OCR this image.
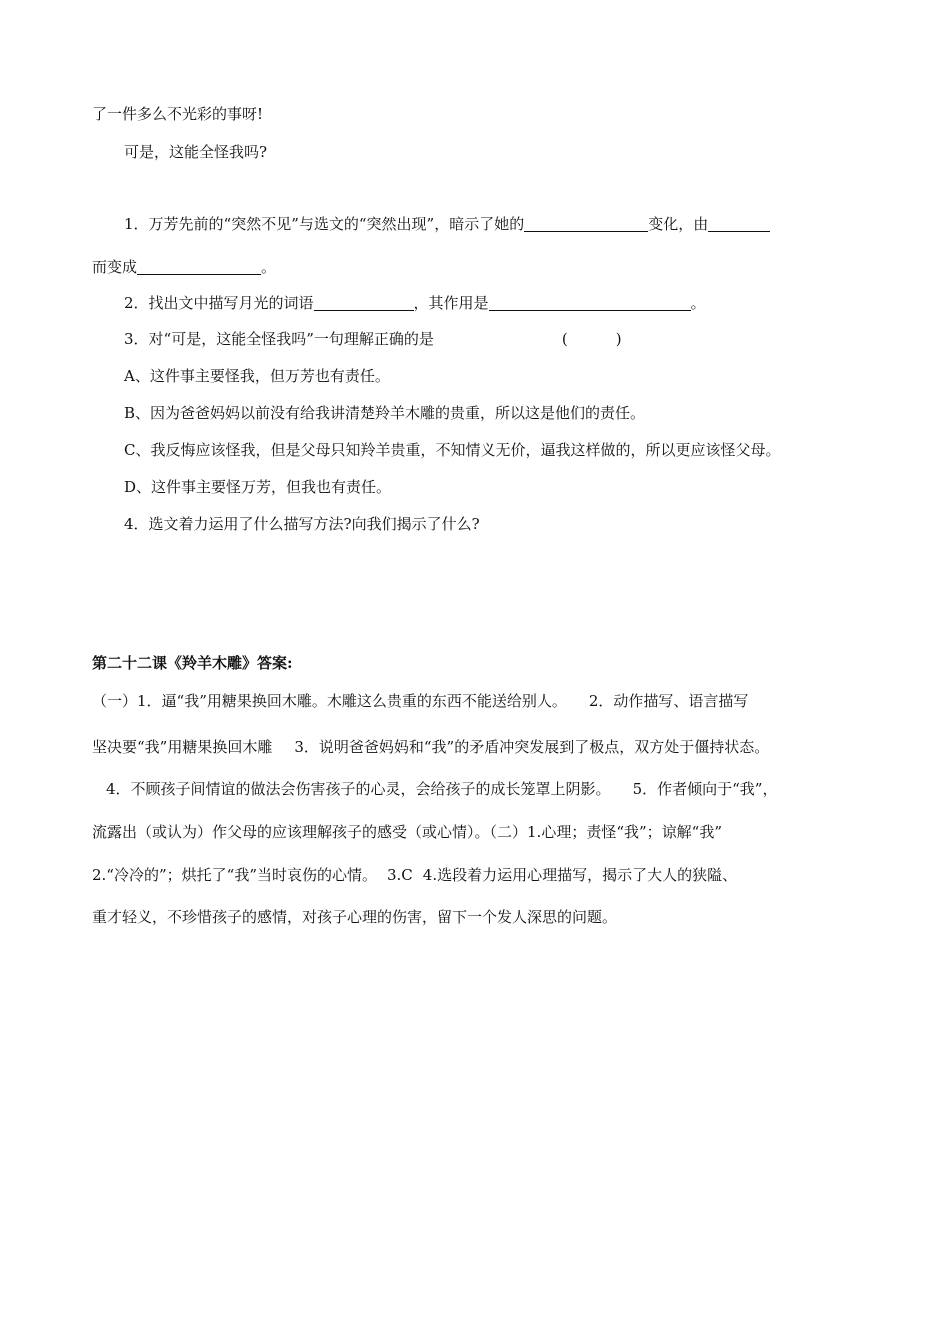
了一件多么不光彩的事呀!
可是，这能全怪我吗?
1．万芳先前的“突然不见”与选文的“突然出现”，暗示了她的	变化，由
而变成	。
2．找出文中描写月光的词语	，其作用是	。
3．对“可是，这能全怪我吗”一句理解正确的是	(	)
A、这件事主要怪我，但万芳也有责任。
B、因为爸爸妈妈以前没有给我讲清楚羚羊木雕的贵重，所以这是他们的责任。
C、我反悔应该怪我，但是父母只知羚羊贵重，不知情义无价，逼我这样做的，所以更应该怪父母。
D、这件事主要怪万芳，但我也有责任。
4．选文着力运用了什么描写方法?向我们揭示了什么?
第二十二课《羚羊木雕》答案:
（一）1．逼“我”用糖果换回木雕。木雕这么贵重的东西不能送给别人。 2．动作描写、语言描写
坚决要“我”用糖果换回木雕 3．说明爸爸妈妈和“我”的矛盾冲突发展到了极点，双方处于僵持状态。
4．不顾孩子间情谊的做法会伤害孩子的心灵，会给孩子的成长笼罩上阴影。 5．作者倾向于“我”，
流露出（或认为）作父母的应该理解孩子的感受（或心情）。（二）1.心理；责怪“我”；谅解“我”
2.“冷冷的”；烘托了“我”当时哀伤的心情。 3.C 4.选段着力运用心理描写，揭示了大人的狭隘、
重才轻义，不珍惜孩子的感情，对孩子心理的伤害，留下一个发人深思的问题。
